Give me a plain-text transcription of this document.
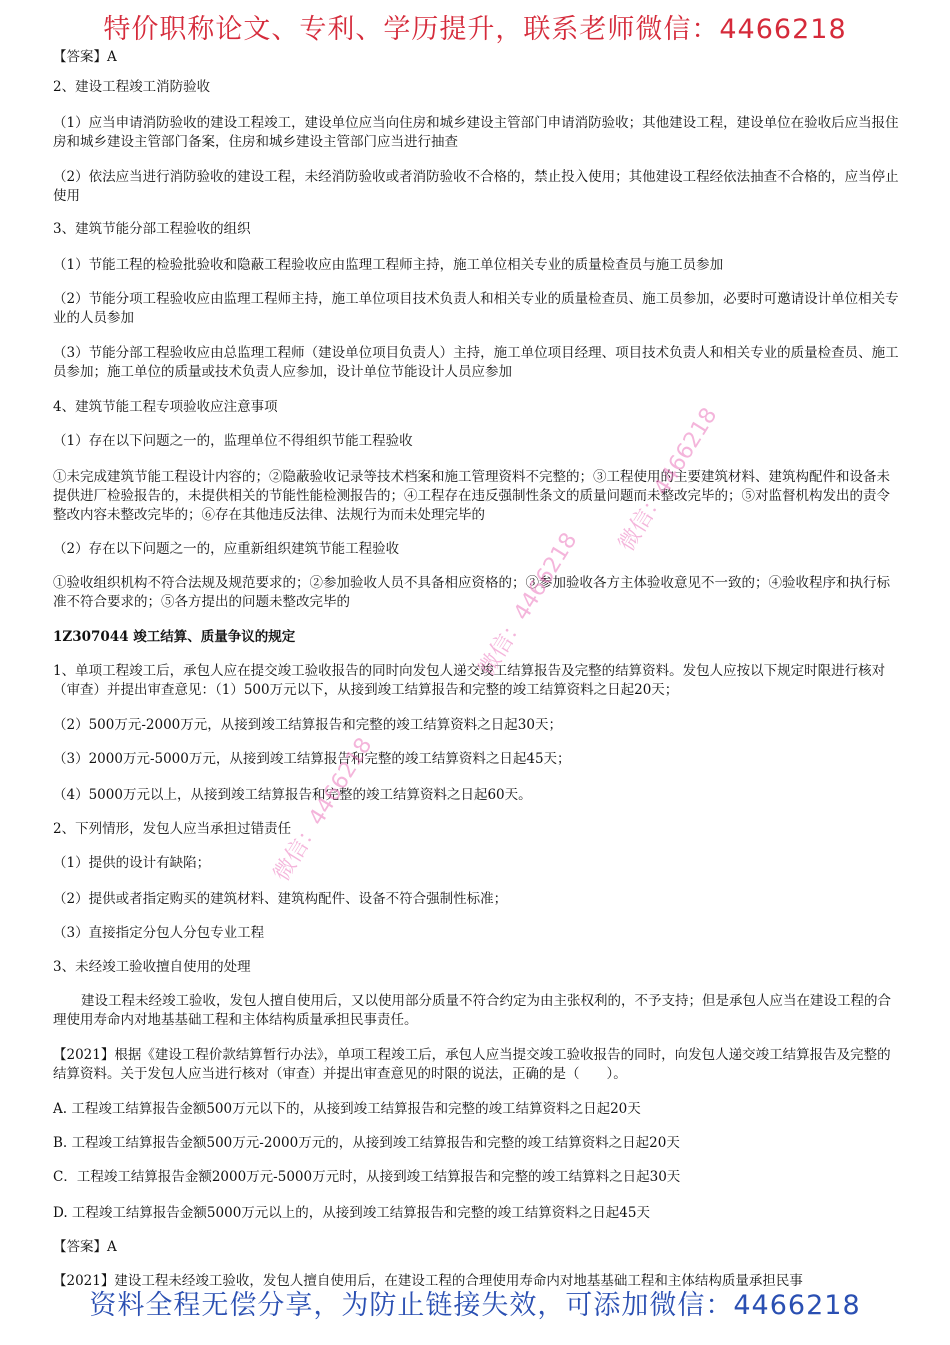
特价职称论文、专利、学历提升，联系老师微信：4466218

【答案】A

2、建设工程竣工消防验收

（1）应当申请消防验收的建设工程竣工，建设单位应当向住房和城乡建设主管部门申请消防验收；其他建设工程，建设单位在验收后应当报住房和城乡建设主管部门备案，住房和城乡建设主管部门应当进行抽查

（2）依法应当进行消防验收的建设工程，未经消防验收或者消防验收不合格的，禁止投入使用；其他建设工程经依法抽查不合格的，应当停止使用

3、建筑节能分部工程验收的组织

（1）节能工程的检验批验收和隐蔽工程验收应由监理工程师主持，施工单位相关专业的质量检查员与施工员参加

（2）节能分项工程验收应由监理工程师主持，施工单位项目技术负责人和相关专业的质量检查员、施工员参加，必要时可邀请设计单位相关专业的人员参加

（3）节能分部工程验收应由总监理工程师（建设单位项目负责人）主持，施工单位项目经理、项目技术负责人和相关专业的质量检查员、施工员参加；施工单位的质量或技术负责人应参加，设计单位节能设计人员应参加

4、建筑节能工程专项验收应注意事项

（1）存在以下问题之一的，监理单位不得组织节能工程验收

①未完成建筑节能工程设计内容的；②隐蔽验收记录等技术档案和施工管理资料不完整的；③工程使用的主要建筑材料、建筑构配件和设备未提供进厂检验报告的，未提供相关的节能性能检测报告的；④工程存在违反强制性条文的质量问题而未整改完毕的；⑤对监督机构发出的责令整改内容未整改完毕的；⑥存在其他违反法律、法规行为而未处理完毕的

（2）存在以下问题之一的，应重新组织建筑节能工程验收

①验收组织机构不符合法规及规范要求的；②参加验收人员不具备相应资格的；③参加验收各方主体验收意见不一致的；④验收程序和执行标准不符合要求的；⑤各方提出的问题未整改完毕的

1Z307044 竣工结算、质量争议的规定

1、单项工程竣工后，承包人应在提交竣工验收报告的同时向发包人递交竣工结算报告及完整的结算资料。发包人应按以下规定时限进行核对（审查）并提出审查意见：（1）500万元以下，从接到竣工结算报告和完整的竣工结算资料之日起20天；

（2）500万元-2000万元，从接到竣工结算报告和完整的竣工结算资料之日起30天；

（3）2000万元-5000万元，从接到竣工结算报告和完整的竣工结算资料之日起45天；

（4）5000万元以上，从接到竣工结算报告和完整的竣工结算资料之日起60天。

2、下列情形，发包人应当承担过错责任

（1）提供的设计有缺陷；

（2）提供或者指定购买的建筑材料、建筑构配件、设备不符合强制性标准；

（3）直接指定分包人分包专业工程

3、未经竣工验收擅自使用的处理

建设工程未经竣工验收，发包人擅自使用后，又以使用部分质量不符合约定为由主张权利的，不予支持；但是承包人应当在建设工程的合理使用寿命内对地基基础工程和主体结构质量承担民事责任。

【2021】根据《建设工程价款结算暂行办法》，单项工程竣工后，承包人应当提交竣工验收报告的同时，向发包人递交竣工结算报告及完整的结算资料。关于发包人应当进行核对（审查）并提出审查意见的时限的说法，正确的是（　　）。

A. 工程竣工结算报告金额500万元以下的，从接到竣工结算报告和完整的竣工结算资料之日起20天

B. 工程竣工结算报告金额500万元-2000万元的，从接到竣工结算报告和完整的竣工结算资料之日起20天

C．工程竣工结算报告金额2000万元-5000万元时，从接到竣工结算报告和完整的竣工结算料之日起30天

D. 工程竣工结算报告金额5000万元以上的，从接到竣工结算报告和完整的竣工结算资料之日起45天

【答案】A

【2021】建设工程未经竣工验收，发包人擅自使用后，在建设工程的合理使用寿命内对地基基础工程和主体结构质量承担民事

微信：4466218
微信：4466218
微信：4466218
资料全程无偿分享，为防止链接失效，可添加微信：4466218
